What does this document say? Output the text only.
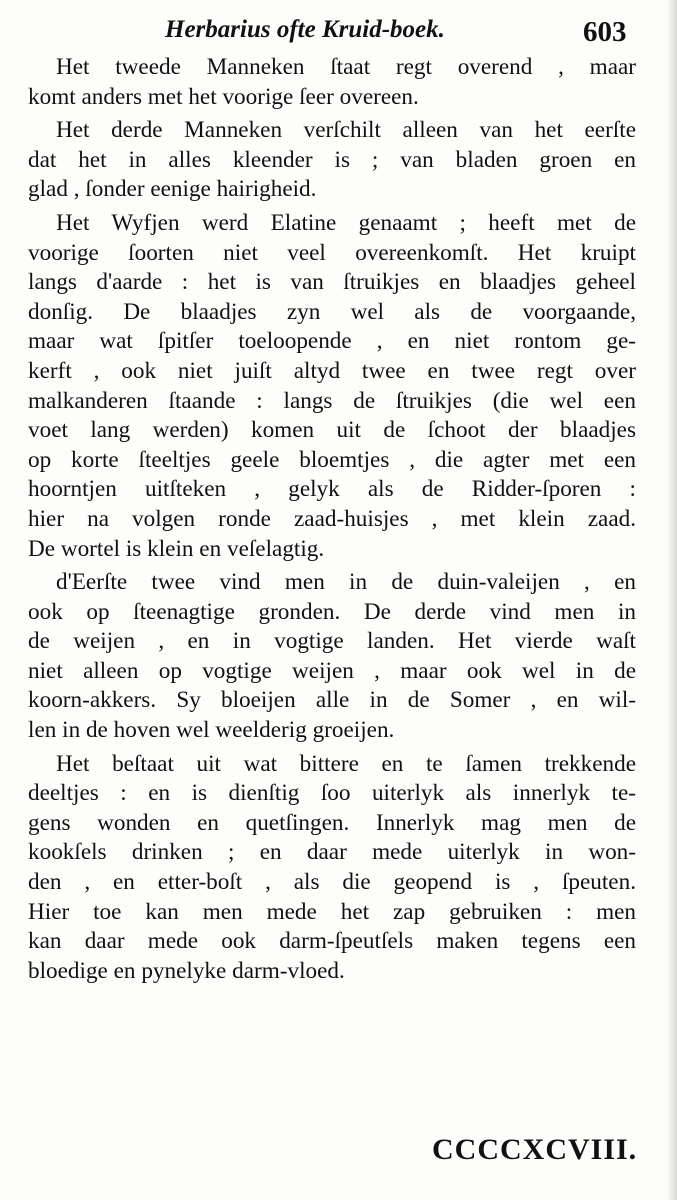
Herbarius ofte Kruid-boek.	603
Het tweede Manneken ſtaat regt overend , maar
komt anders met het voorige ſeer overeen.
Het derde Manneken verſchilt alleen van het eerſte
dat het in alles kleender is ; van bladen groen en
glad , ſonder eenige hairigheid.
Het Wyfjen werd Elatine genaamt ; heeft met de
voorige ſoorten niet veel overeenkomſt. Het kruipt
langs d'aarde : het is van ſtruikjes en blaadjes geheel
donſig. De blaadjes zyn wel als de voorgaande,
maar wat ſpitſer toeloopende , en niet rontom ge-
kerft , ook niet juiſt altyd twee en twee regt over
malkanderen ſtaande : langs de ſtruikjes (die wel een
voet lang werden) komen uit de ſchoot der blaadjes
op korte ſteeltjes geele bloemtjes , die agter met een
hoorntjen uitſteken , gelyk als de Ridder-ſporen :
hier na volgen ronde zaad-huisjes , met klein zaad.
De wortel is klein en veſelagtig.
d'Eerſte twee vind men in de duin-valeijen , en
ook op ſteenagtige gronden. De derde vind men in
de weijen , en in vogtige landen. Het vierde waſt
niet alleen op vogtige weijen , maar ook wel in de
koorn-akkers. Sy bloeijen alle in de Somer , en wil-
len in de hoven wel weelderig groeijen.
Het beſtaat uit wat bittere en te ſamen trekkende
deeltjes : en is dienſtig ſoo uiterlyk als innerlyk te-
gens wonden en quetſingen. Innerlyk mag men de
kookſels drinken ; en daar mede uiterlyk in won-
den , en etter-boſt , als die geopend is , ſpeuten.
Hier toe kan men mede het zap gebruiken : men
kan daar mede ook darm-ſpeutſels maken tegens een
bloedige en pynelyke darm-vloed.
CCCCXCVIII.
